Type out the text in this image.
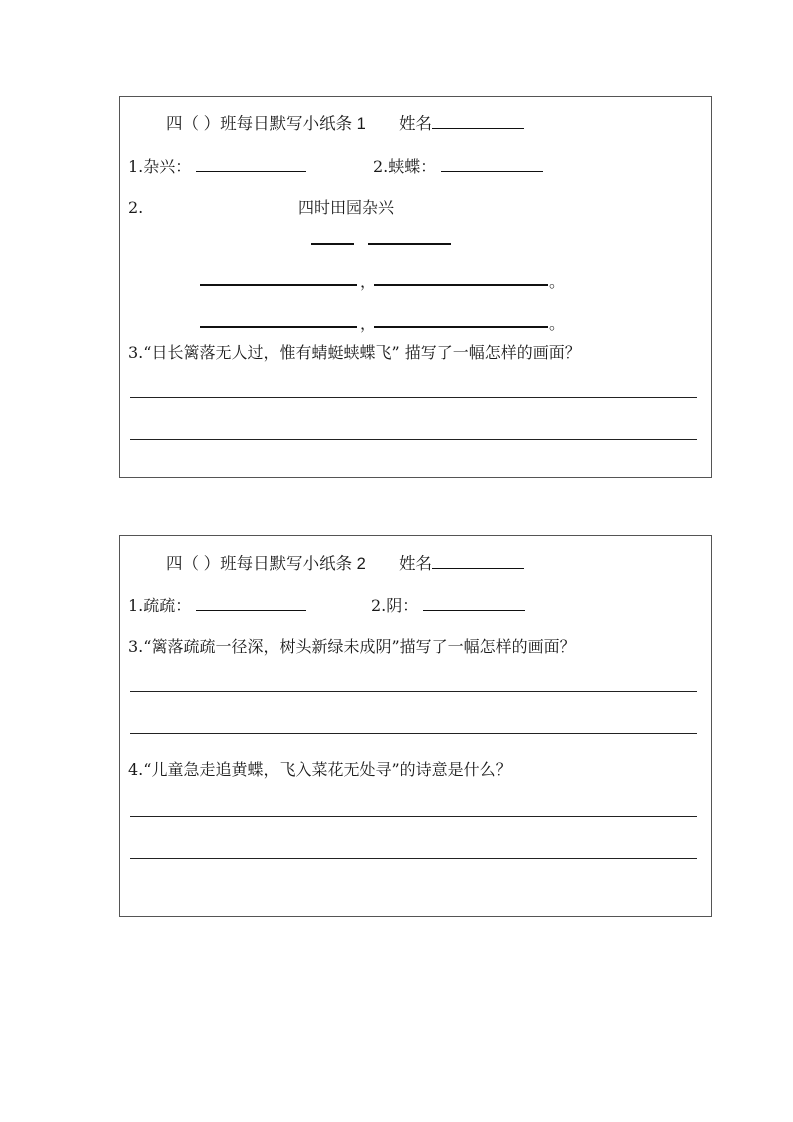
四（ ）班每日默写小纸条 1 姓名
1.杂兴：	2.蛱蝶：
2.	四时田园杂兴
，	。
，	。
3.“日长篱落无人过，惟有蜻蜓蛱蝶飞” 描写了一幅怎样的画面？
四（ ）班每日默写小纸条 2 姓名
1.疏疏：	2.阴：
3.“篱落疏疏一径深，树头新绿未成阴”描写了一幅怎样的画面？
4.“儿童急走追黄蝶，飞入菜花无处寻”的诗意是什么？
